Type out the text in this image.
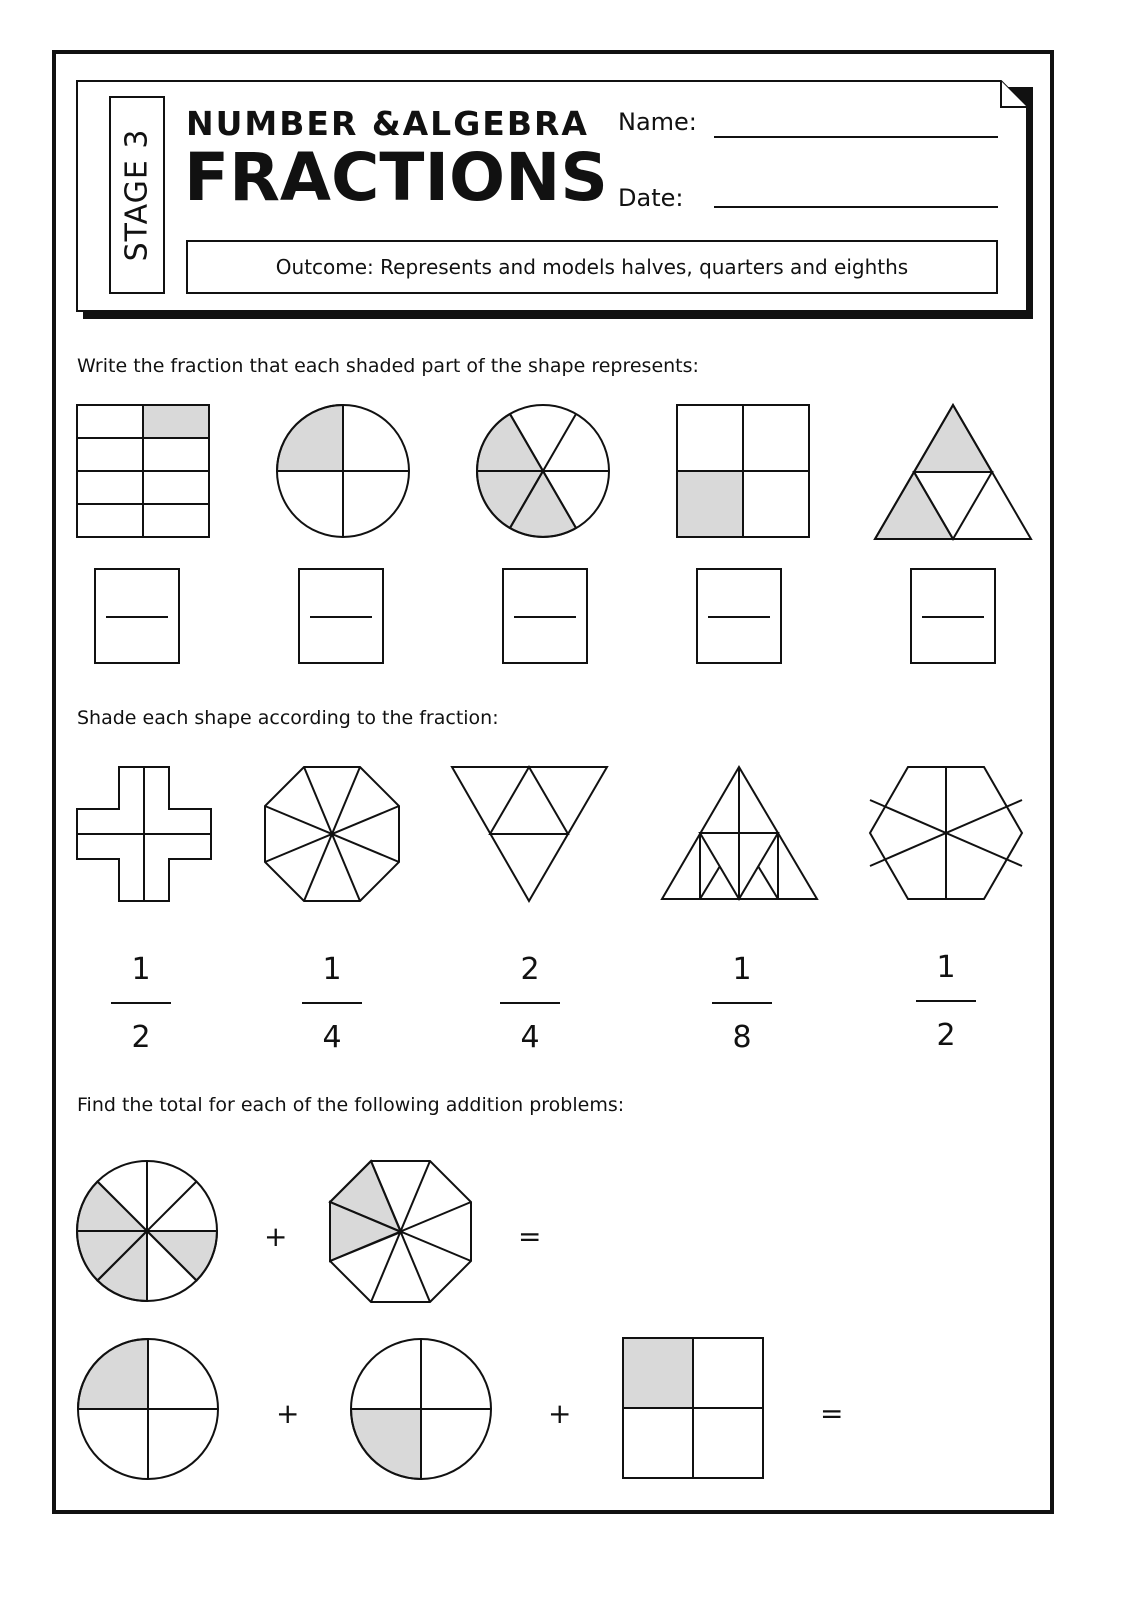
STAGE 3
NUMBER &ALGEBRA
FRACTIONS
Name:
Date:
Outcome: Represents and models halves, quarters and eighths
Write the fraction that each shaded part of the shape represents:
Shade each shape according to the fraction:
1
2
1
4
2
4
1
8
1
2
Find the total for each of the following addition problems:
+	=
+	+	=
